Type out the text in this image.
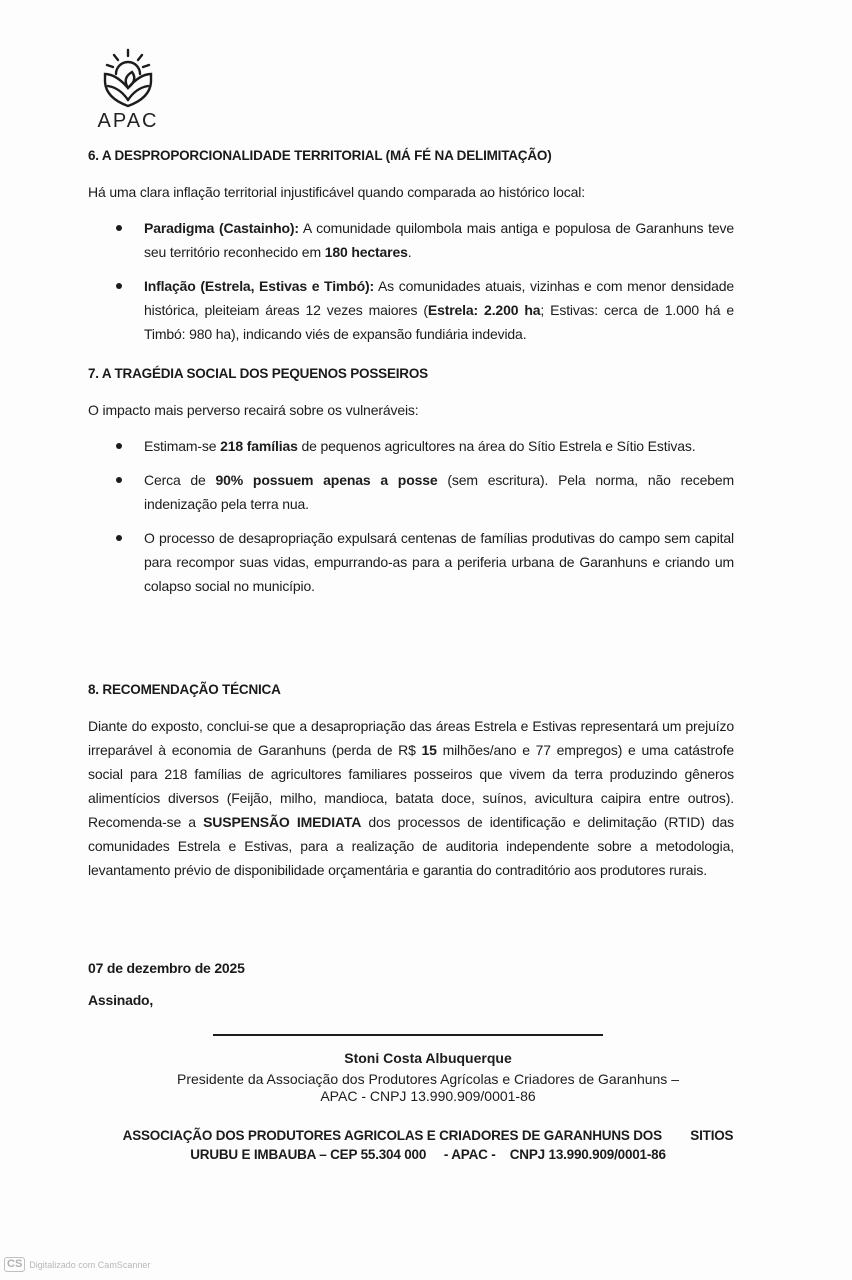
APAC
6. A DESPROPORCIONALIDADE TERRITORIAL (MÁ FÉ NA DELIMITAÇÃO)
Há uma clara inflação territorial injustificável quando comparada ao histórico local:
Paradigma (Castainho): A comunidade quilombola mais antiga e populosa de Garanhuns teve seu território reconhecido em 180 hectares.
Inflação (Estrela, Estivas e Timbó): As comunidades atuais, vizinhas e com menor densidade histórica, pleiteiam áreas 12 vezes maiores (Estrela: 2.200 ha; Estivas: cerca de 1.000 há e Timbó: 980 ha), indicando viés de expansão fundiária indevida.
7. A TRAGÉDIA SOCIAL DOS PEQUENOS POSSEIROS
O impacto mais perverso recairá sobre os vulneráveis:
Estimam-se 218 famílias de pequenos agricultores na área do Sítio Estrela e Sítio Estivas.
Cerca de 90% possuem apenas a posse (sem escritura). Pela norma, não recebem indenização pela terra nua.
O processo de desapropriação expulsará centenas de famílias produtivas do campo sem capital para recompor suas vidas, empurrando-as para a periferia urbana de Garanhuns e criando um colapso social no município.
8. RECOMENDAÇÃO TÉCNICA
Diante do exposto, conclui-se que a desapropriação das áreas Estrela e Estivas representará um prejuízo irreparável à economia de Garanhuns (perda de R$ 15 milhões/ano e 77 empregos) e uma catástrofe social para 218 famílias de agricultores familiares posseiros que vivem da terra produzindo gêneros alimentícios diversos (Feijão, milho, mandioca, batata doce, suínos, avicultura caipira entre outros). Recomenda-se a SUSPENSÃO IMEDIATA dos processos de identificação e delimitação (RTID) das comunidades Estrela e Estivas, para a realização de auditoria independente sobre a metodologia, levantamento prévio de disponibilidade orçamentária e garantia do contraditório aos produtores rurais.
07 de dezembro de 2025
Assinado,
Stoni Costa Albuquerque
Presidente da Associação dos Produtores Agrícolas e Criadores de Garanhuns –
APAC - CNPJ 13.990.909/0001-86
ASSOCIAÇÃO DOS PRODUTORES AGRICOLAS E CRIADORES DE GARANHUNS DOS        SITIOS
URUBU E IMBAUBA – CEP 55.304 000     - APAC -    CNPJ 13.990.909/0001-86
CS Digitalizado com CamScanner
